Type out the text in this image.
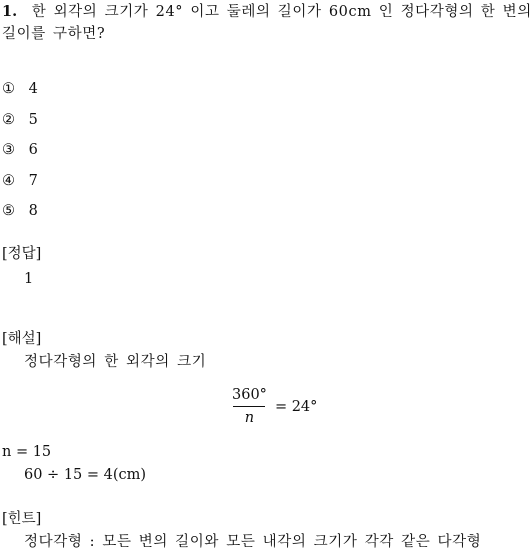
1. 한 외각의 크기가 24° 이고 둘레의 길이가 60cm 인 정다각형의 한 변의
길이를 구하면?
① 4
② 5
③ 6
④ 7
⑤ 8
[정답]
1
[해설]
정다각형의 한 외각의 크기
$\frac{360^\circ}{n} = 24^\circ$
n = 15
60 ÷ 15 = 4(cm)
[힌트]
정다각형 : 모든 변의 길이와 모든 내각의 크기가 각각 같은 다각형
